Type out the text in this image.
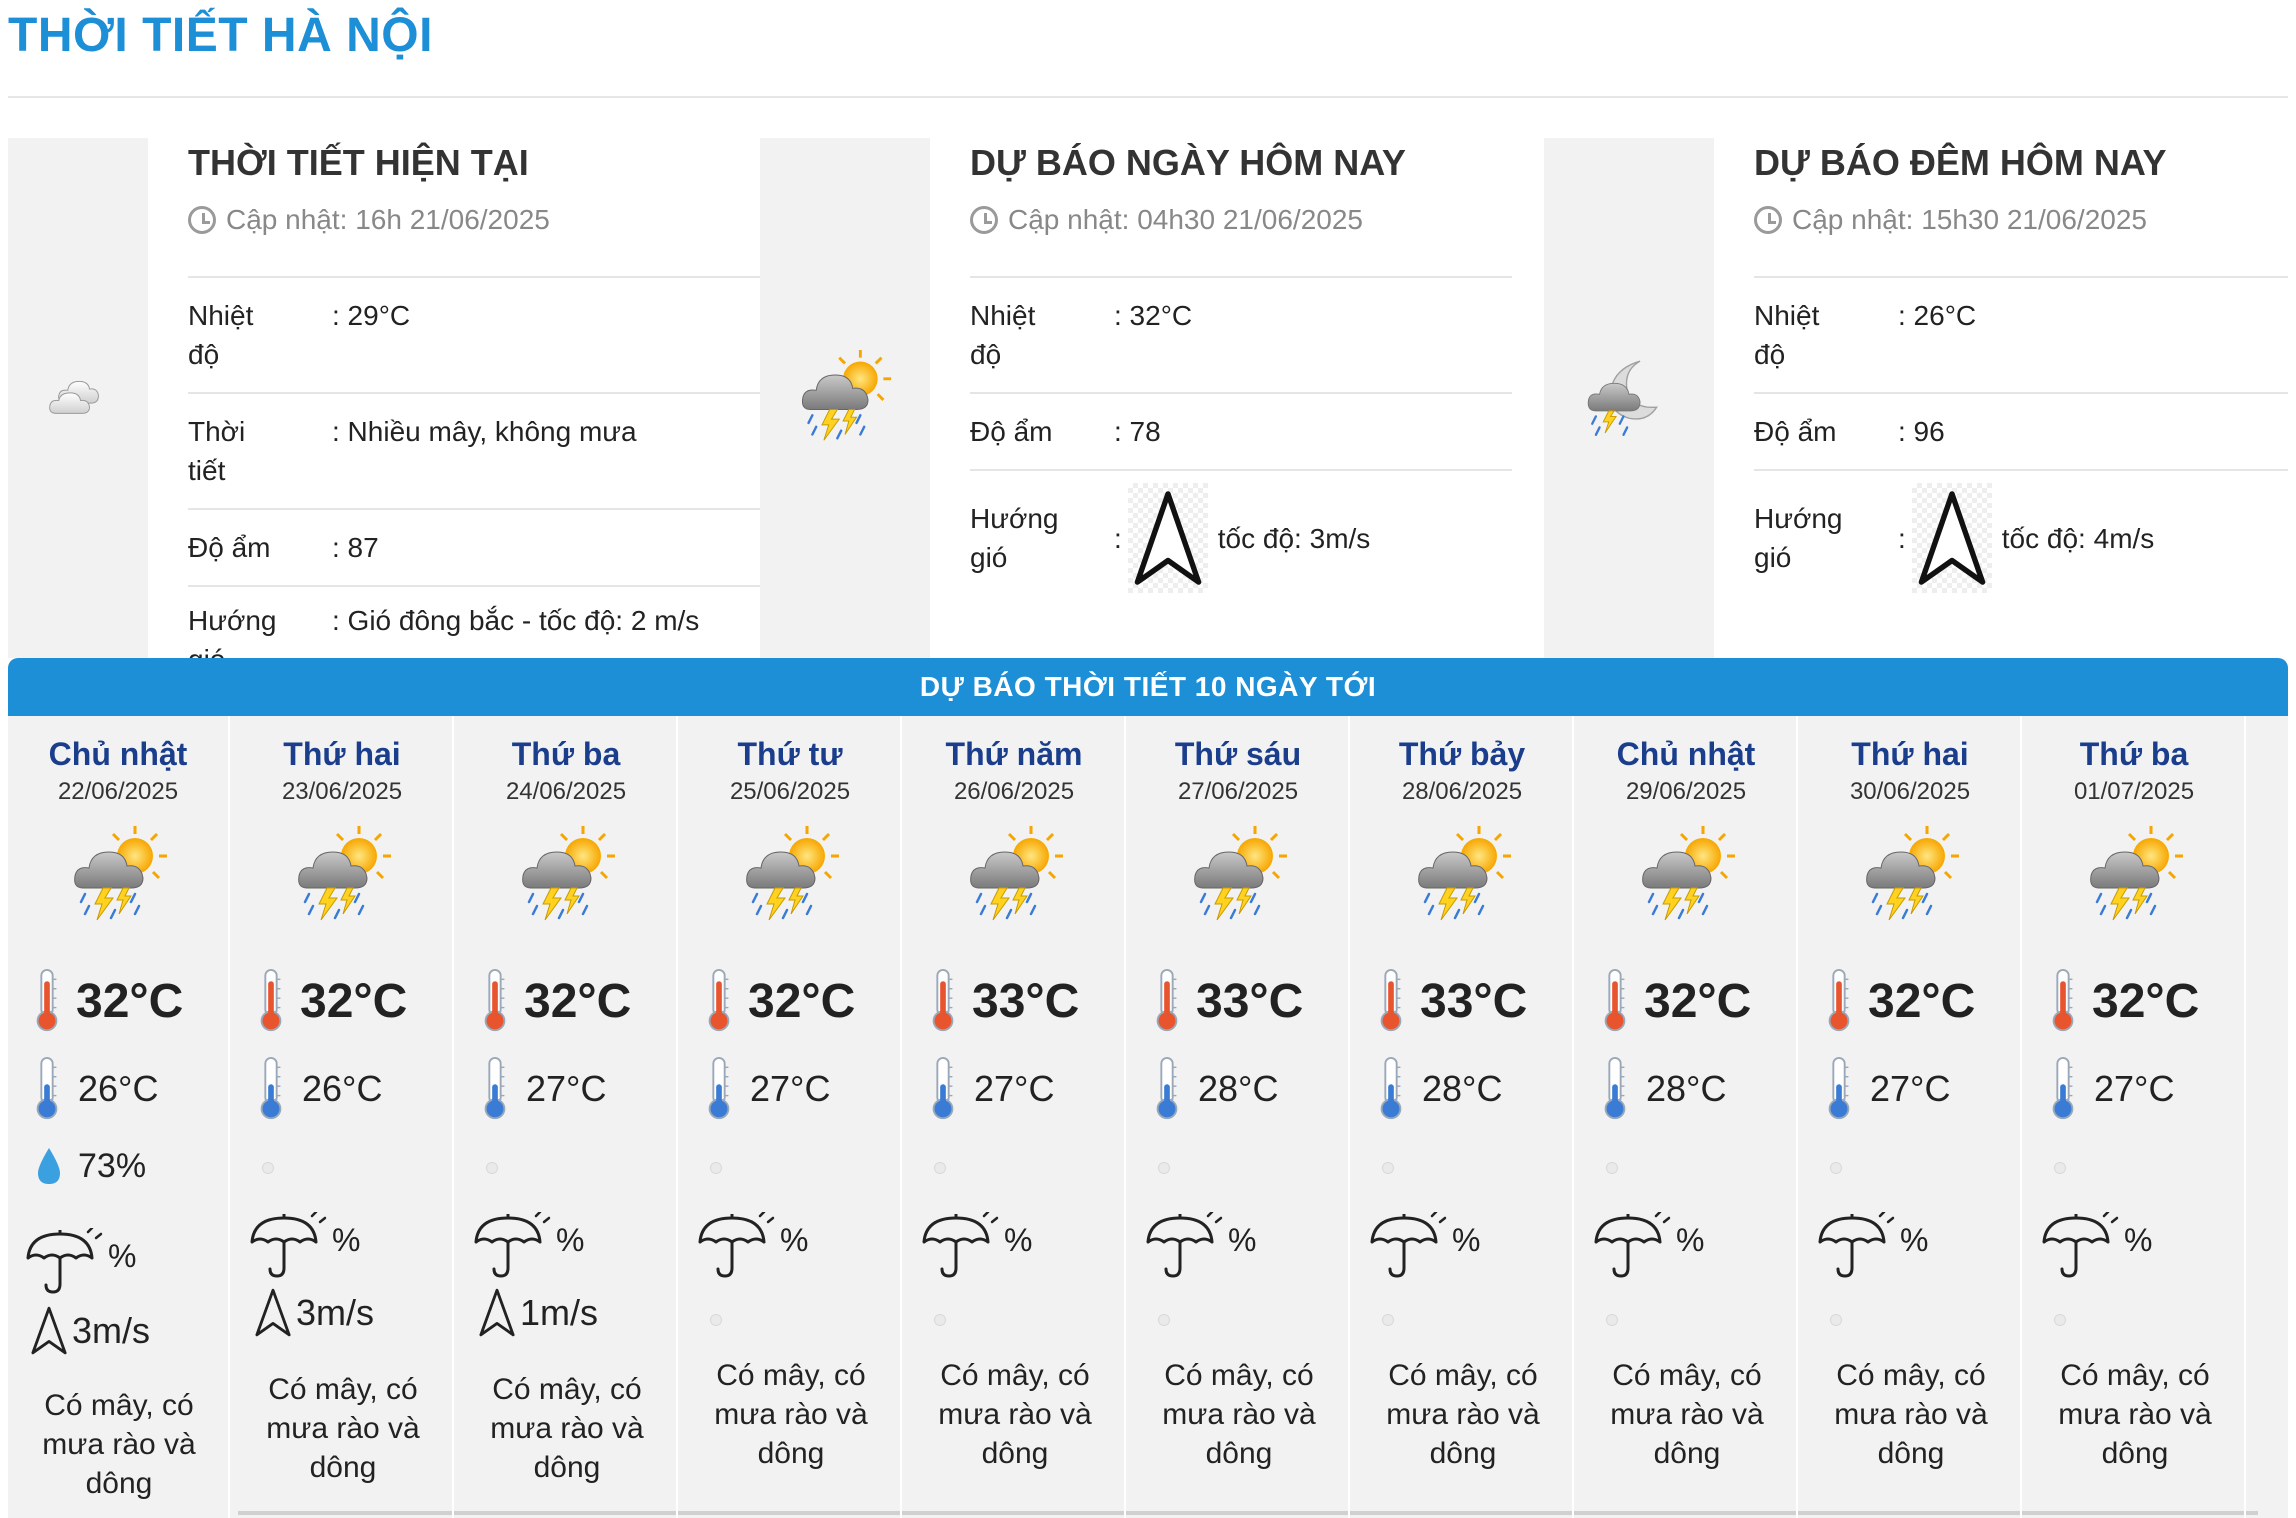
THỜI TIẾT HÀ NỘI
THỜI TIẾT HIỆN TẠI
Cập nhật: 16h 21/06/2025
Nhiệt độ
: 29°C
Thời tiết
: Nhiều mây, không mưa
Độ ẩm	: 87
Hướng	: Gió đông bắc - tốc độ: 2 m/s
DỰ BÁO NGÀY HÔM NAY
Cập nhật: 04h30 21/06/2025
Nhiệt độ
: 32°C
Độ ẩm	: 78
Hướng gió
:	tốc độ: 3m/s
DỰ BÁO ĐÊM HÔM NAY
Cập nhật: 15h30 21/06/2025
Nhiệt độ
: 26°C
Độ ẩm	: 96
Hướng gió
:	tốc độ: 4m/s
DỰ BÁO THỜI TIẾT 10 NGÀY TỚI
Chủ nhật
22/06/2025
32°C
26°C
73%
%
3m/s
Có mây, có mưa rào và dông
Thứ hai
23/06/2025
32°C
26°C
%
3m/s
Có mây, có mưa rào và dông
Thứ ba
24/06/2025
32°C
27°C
%
1m/s
Có mây, có mưa rào và dông
Thứ tư
25/06/2025
32°C
27°C
%
Có mây, có mưa rào và dông
Thứ năm
26/06/2025
33°C
27°C
%
Có mây, có mưa rào và dông
Thứ sáu
27/06/2025
33°C
28°C
%
Có mây, có mưa rào và dông
Thứ bảy
28/06/2025
33°C
28°C
%
Có mây, có mưa rào và dông
Chủ nhật
29/06/2025
32°C
28°C
%
Có mây, có mưa rào và dông
Thứ hai
30/06/2025
32°C
27°C
%
Có mây, có mưa rào và dông
Thứ ba
01/07/2025
32°C
27°C
%
Có mây, có mưa rào và dông
